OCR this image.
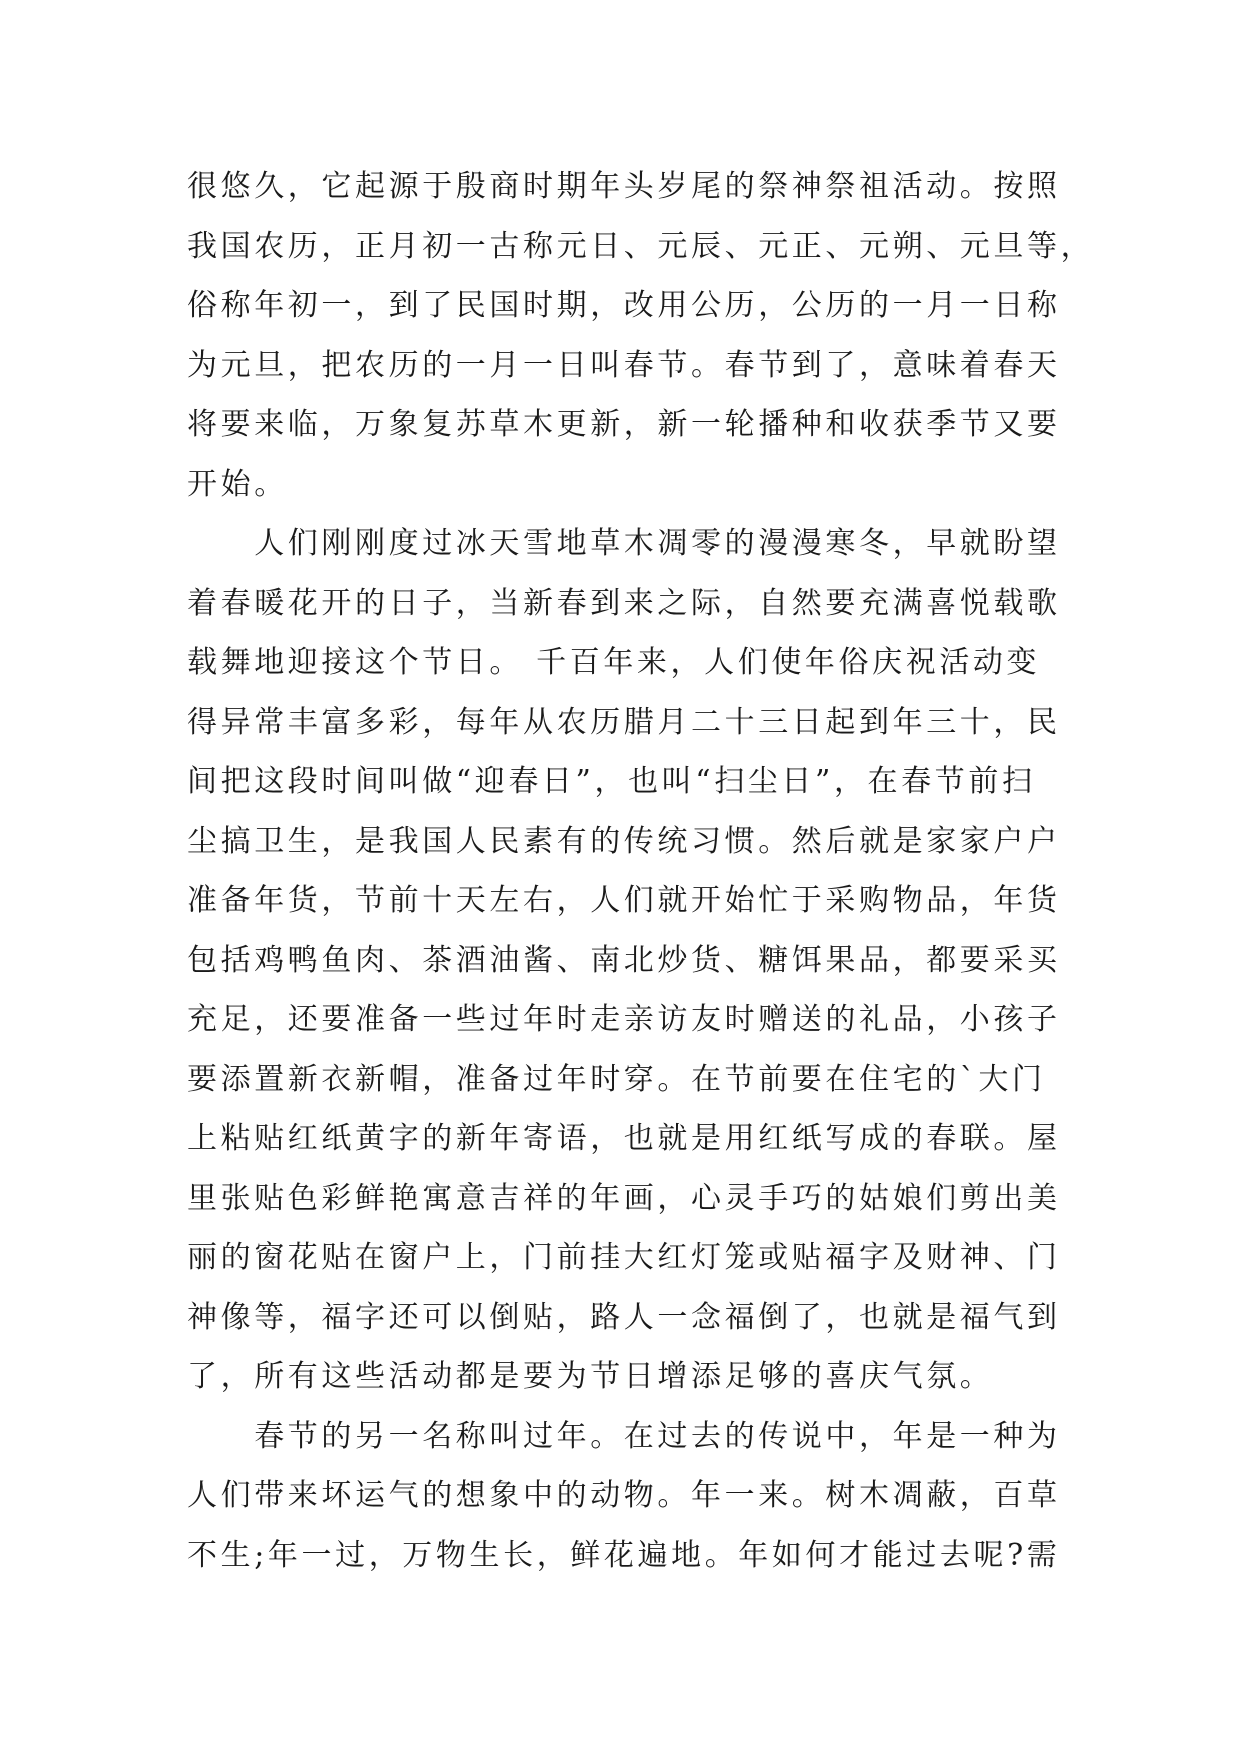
很悠久，它起源于殷商时期年头岁尾的祭神祭祖活动。按照
我国农历，正月初一古称元日、元辰、元正、元朔、元旦等，
俗称年初一，到了民国时期，改用公历，公历的一月一日称
为元旦，把农历的一月一日叫春节。春节到了，意味着春天
将要来临，万象复苏草木更新，新一轮播种和收获季节又要
开始。
　　人们刚刚度过冰天雪地草木凋零的漫漫寒冬，早就盼望
着春暖花开的日子，当新春到来之际，自然要充满喜悦载歌
载舞地迎接这个节日。 千百年来，人们使年俗庆祝活动变
得异常丰富多彩，每年从农历腊月二十三日起到年三十，民
间把这段时间叫做“迎春日”，也叫“扫尘日”，在春节前扫
尘搞卫生，是我国人民素有的传统习惯。然后就是家家户户
准备年货，节前十天左右，人们就开始忙于采购物品，年货
包括鸡鸭鱼肉、茶酒油酱、南北炒货、糖饵果品，都要采买
充足，还要准备一些过年时走亲访友时赠送的礼品，小孩子
要添置新衣新帽，准备过年时穿。在节前要在住宅的`大门
上粘贴红纸黄字的新年寄语，也就是用红纸写成的春联。屋
里张贴色彩鲜艳寓意吉祥的年画，心灵手巧的姑娘们剪出美
丽的窗花贴在窗户上，门前挂大红灯笼或贴福字及财神、门
神像等，福字还可以倒贴，路人一念福倒了，也就是福气到
了，所有这些活动都是要为节日增添足够的喜庆气氛。
　　春节的另一名称叫过年。在过去的传说中，年是一种为
人们带来坏运气的想象中的动物。年一来。树木凋蔽，百草
不生;年一过，万物生长，鲜花遍地。年如何才能过去呢?需
